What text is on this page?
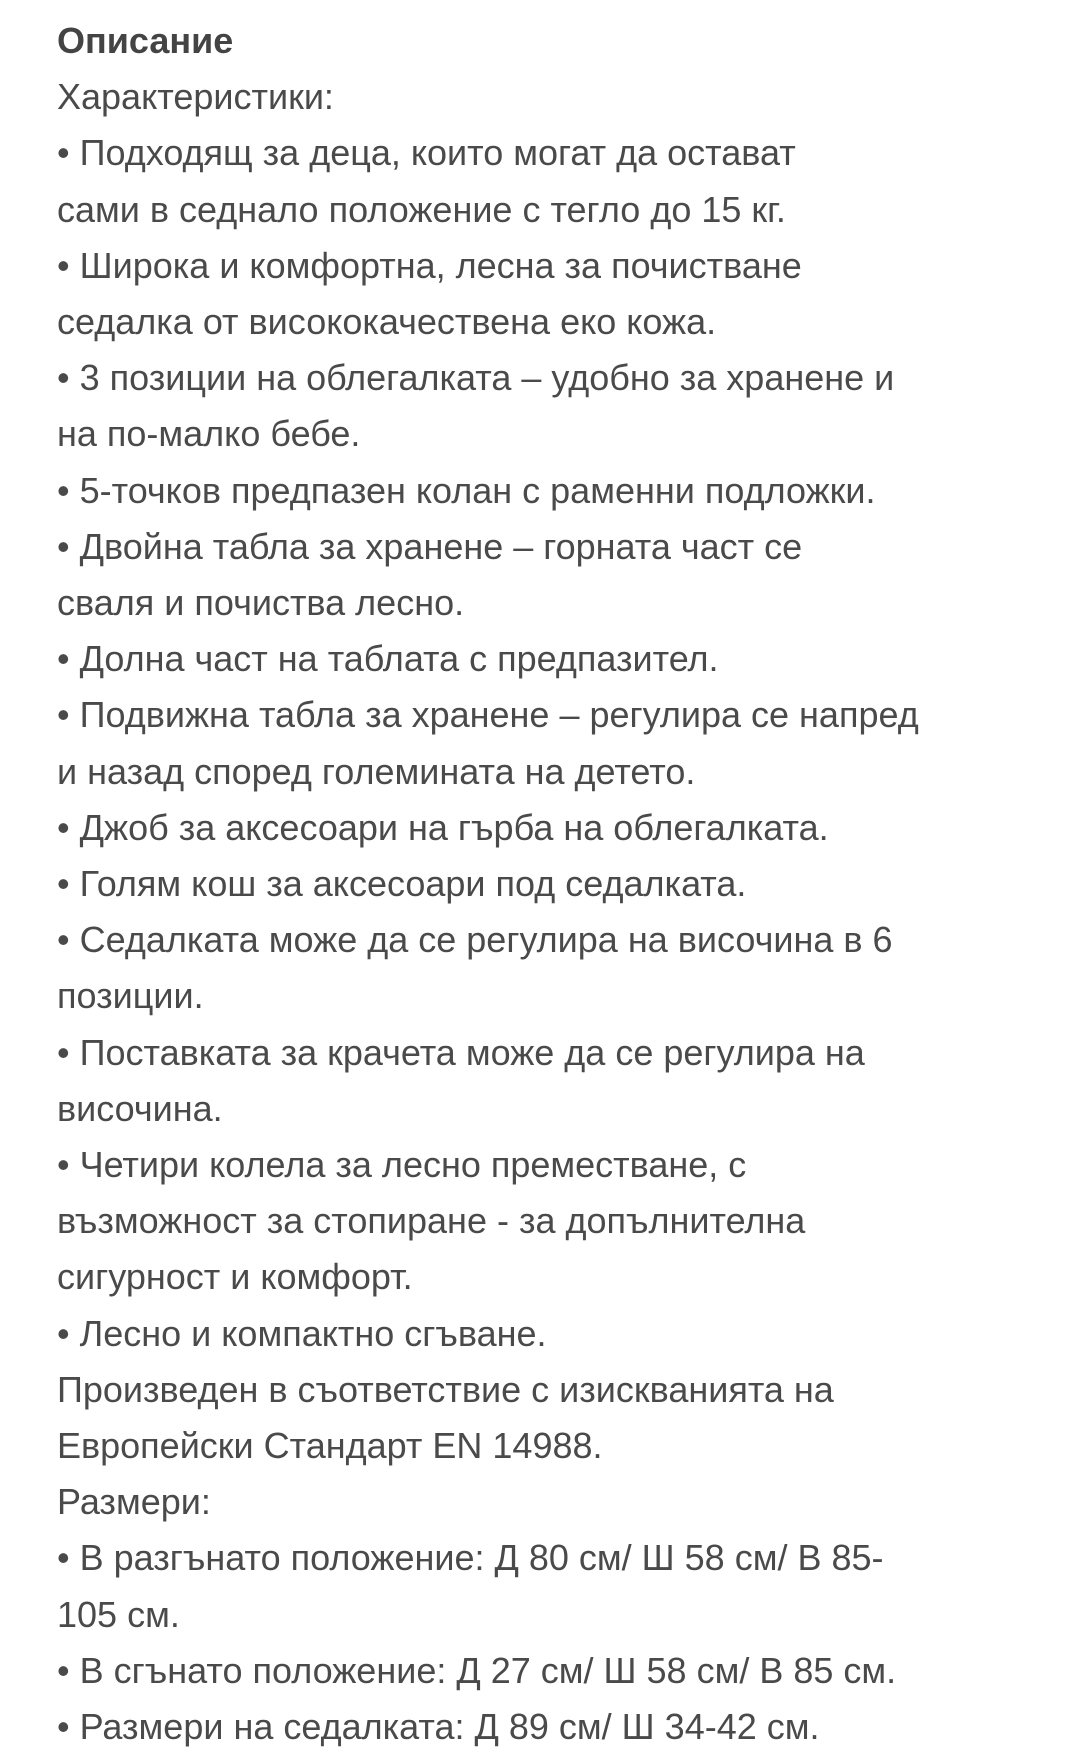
Описание
Характеристики:
• Подходящ за деца, които могат да остават
сами в седнало положение с тегло до 15 кг.
• Широка и комфортна, лесна за почистване
седалка от висококачествена еко кожа.
• 3 позиции на облегалката – удобно за хранене и
на по-малко бебе.
• 5-точков предпазен колан с раменни подложки.
• Двойна табла за хранене – горната част се
сваля и почиства лесно.
• Долна част на таблата с предпазител.
• Подвижна табла за хранене – регулира се напред
и назад според големината на детето.
• Джоб за аксесоари на гърба на облегалката.
• Голям кош за аксесоари под седалката.
• Седалката може да се регулира на височина в 6
позиции.
• Поставката за крачета може да се регулира на
височина.
• Четири колела за лесно преместване, с
възможност за стопиране - за допълнителна
сигурност и комфорт.
• Лесно и компактно сгъване.
Произведен в съответствие с изискванията на
Европейски Стандарт EN 14988.
Размери:
• В разгънато положение: Д 80 см/ Ш 58 см/ В 85-
105 см.
• В сгънато положение: Д 27 см/ Ш 58 см/ В 85 см.
• Размери на седалката: Д 89 см/ Ш 34-42 см.
